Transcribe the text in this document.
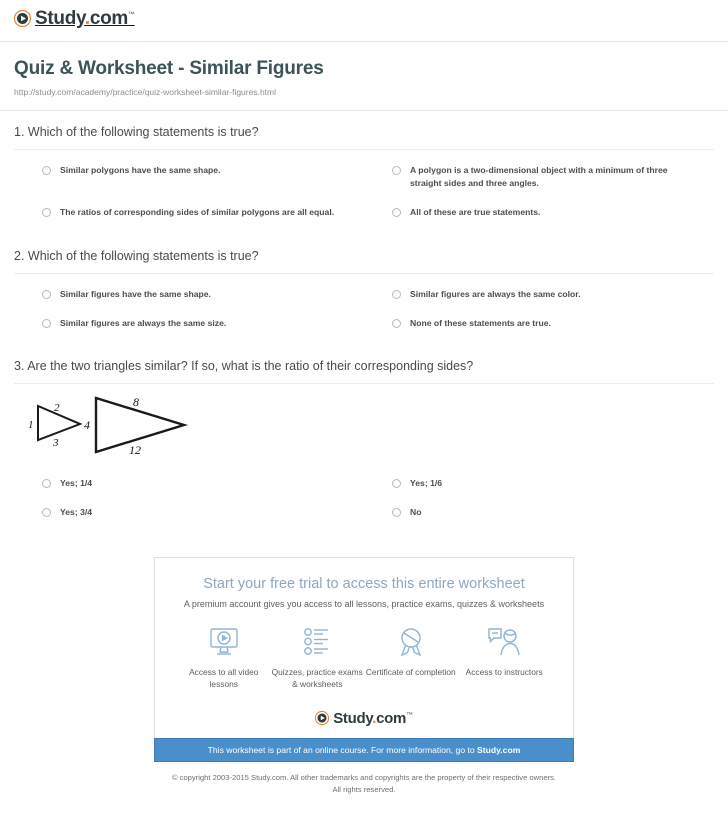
Study.com™
Quiz & Worksheet - Similar Figures

http://study.com/academy/practice/quiz-worksheet-similar-figures.html

1. Which of the following statements is true?

Similar polygons have the same shape.	A polygon is a two-dimensional object with a minimum of three straight sides and three angles.
The ratios of corresponding sides of similar polygons are all equal.	All of these are true statements.

2. Which of the following statements is true?

Similar figures have the same shape.	Similar figures are always the same color.
Similar figures are always the same size.	None of these statements are true.

3. Are the two triangles similar? If so, what is the ratio of their corresponding sides?

1
2
3
4
8
12
Yes; 1/4	Yes; 1/6
Yes; 3/4	No

Start your free trial to access this entire worksheet

A premium account gives you access to all lessons, practice exams, quizzes & worksheets

Access to all video lessons
Quizzes, practice exams & worksheets
Certificate of completion	Access to instructors
Study.com™
This worksheet is part of an online course. For more information, go to Study.com
© copyright 2003-2015 Study.com. All other trademarks and copyrights are the property of their respective owners.
All rights reserved.
